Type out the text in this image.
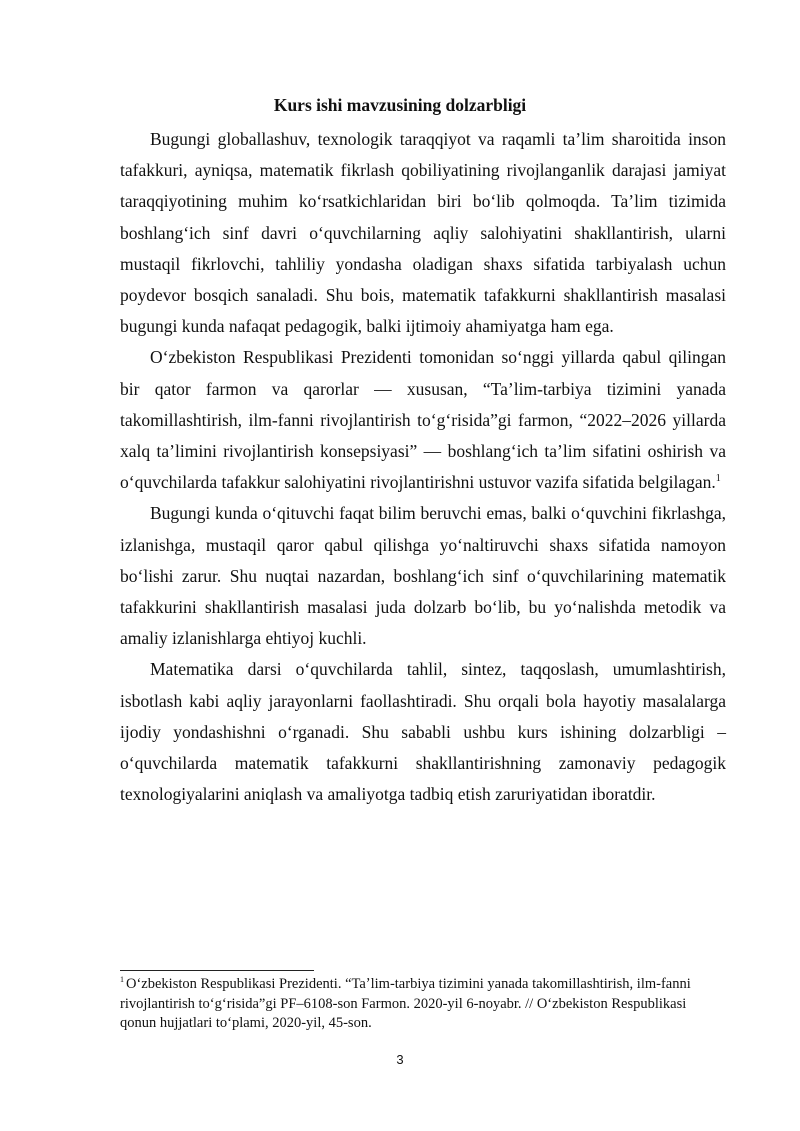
Kurs ishi mavzusining dolzarbligi

Bugungi globallashuv, texnologik taraqqiyot va raqamli taʼlim sharoitida inson tafakkuri, ayniqsa, matematik fikrlash qobiliyatining rivojlanganlik darajasi jamiyat taraqqiyotining muhim koʻrsatkichlaridan biri boʻlib qolmoqda. Taʼlim tizimida boshlangʻich sinf davri oʻquvchilarning aqliy salohiyatini shakllantirish, ularni mustaqil fikrlovchi, tahliliy yondasha oladigan shaxs sifatida tarbiyalash uchun poydevor bosqich sanaladi. Shu bois, matematik tafakkurni shakllantirish masalasi bugungi kunda nafaqat pedagogik, balki ijtimoiy ahamiyatga ham ega.

Oʻzbekiston Respublikasi Prezidenti tomonidan soʻnggi yillarda qabul qilingan bir qator farmon va qarorlar — xususan, “Taʼlim-tarbiya tizimini yanada takomillashtirish, ilm-fanni rivojlantirish toʻgʻrisida”gi farmon, “2022–2026 yillarda xalq taʼlimini rivojlantirish konsepsiyasi” — boshlangʻich taʼlim sifatini oshirish va oʻquvchilarda tafakkur salohiyatini rivojlantirishni ustuvor vazifa sifatida belgilagan.$^1$

Bugungi kunda oʻqituvchi faqat bilim beruvchi emas, balki oʻquvchini fikrlashga, izlanishga, mustaqil qaror qabul qilishga yoʻnaltiruvchi shaxs sifatida namoyon boʻlishi zarur. Shu nuqtai nazardan, boshlangʻich sinf oʻquvchilarining matematik tafakkurini shakllantirish masalasi juda dolzarb boʻlib, bu yoʻnalishda metodik va amaliy izlanishlarga ehtiyoj kuchli.

Matematika darsi oʻquvchilarda tahlil, sintez, taqqoslash, umumlashtirish, isbotlash kabi aqliy jarayonlarni faollashtiradi. Shu orqali bola hayotiy masalalarga ijodiy yondashishni oʻrganadi. Shu sababli ushbu kurs ishining dolzarbligi – oʻquvchilarda matematik tafakkurni shakllantirishning zamonaviy pedagogik texnologiyalarini aniqlash va amaliyotga tadbiq etish zaruriyatidan iboratdir.

$^1$ Oʻzbekiston Respublikasi Prezidenti. “Taʼlim-tarbiya tizimini yanada takomillashtirish, ilm-fanni rivojlantirish toʻgʻrisida”gi PF–6108-son Farmon. 2020-yil 6-noyabr. // Oʻzbekiston Respublikasi qonun hujjatlari toʻplami, 2020-yil, 45-son.

3
